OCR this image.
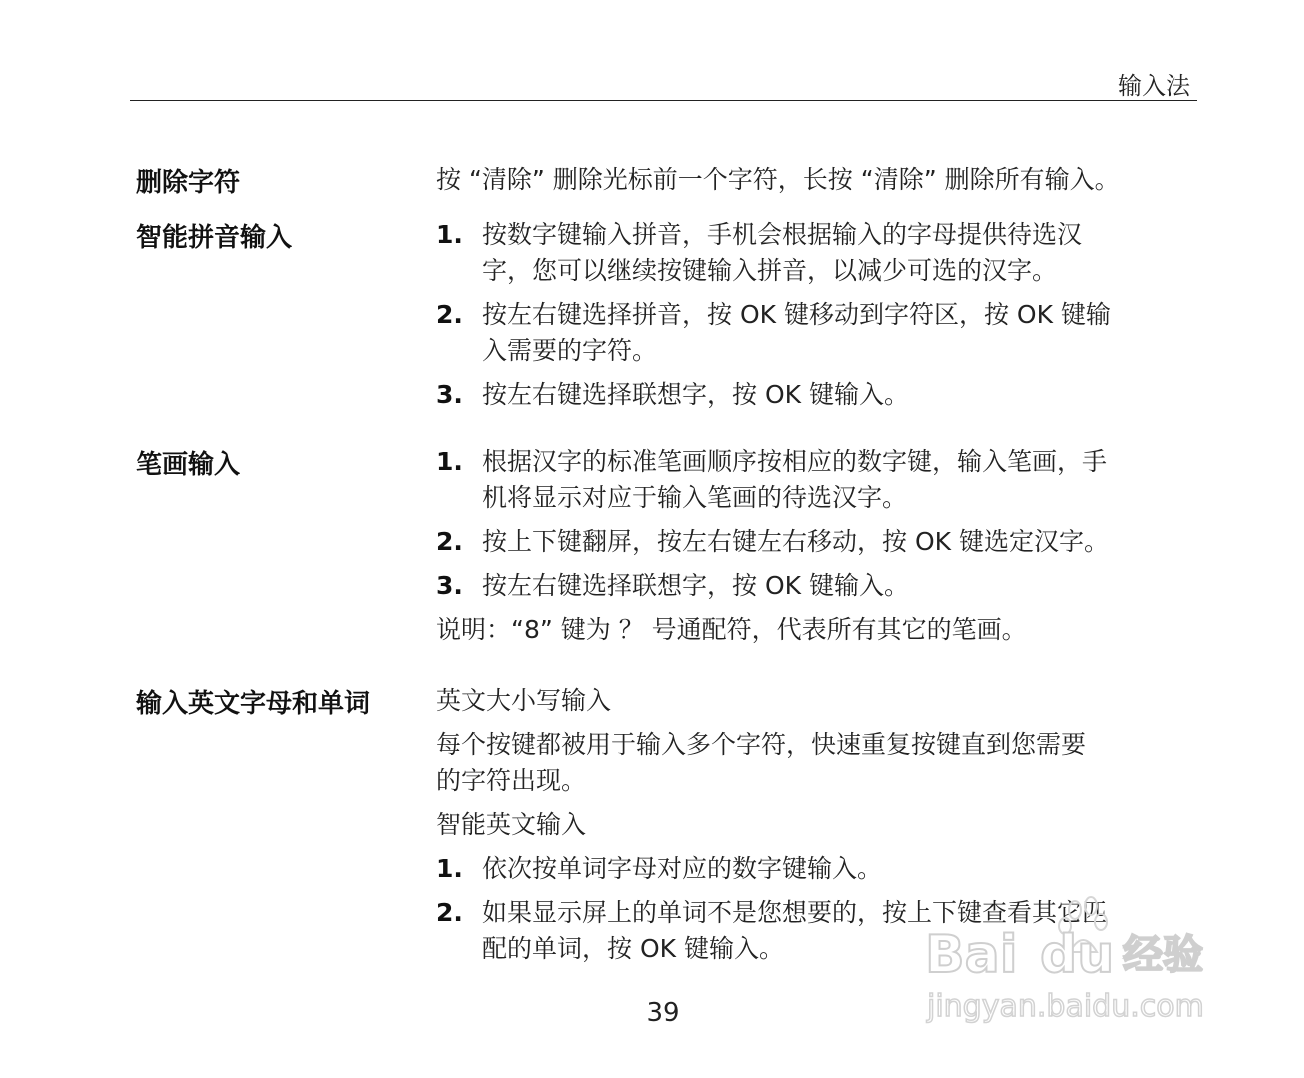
输入法
删除字符	按 “清除” 删除光标前一个字符，长按 “清除” 删除所有输入。

智能拼音输入	1. 按数字键输入拼音，手机会根据输入的字母提供待选汉
字，您可以继续按键输入拼音，以减少可选的汉字。
2. 按左右键选择拼音，按 OK 键移动到字符区，按 OK 键输
入需要的字符。
3. 按左右键选择联想字，按 OK 键输入。
笔画输入	1. 根据汉字的标准笔画顺序按相应的数字键，输入笔画，手
机将显示对应于输入笔画的待选汉字。
2. 按上下键翻屏，按左右键左右移动，按 OK 键选定汉字。
3. 按左右键选择联想字，按 OK 键输入。

说明：“8” 键为 ？ 号通配符，代表所有其它的笔画。

输入英文字母和单词	英文大小写输入

每个按键都被用于输入多个字符，快速重复按键直到您需要

的字符出现。

智能英文输入

1. 依次按单词字母对应的数字键输入。
2. 如果显示屏上的单词不是您想要的，按上下键查看其它匹
配的单词，按 OK 键输入。
39
Bai du 经验
jingyan.baidu.com
